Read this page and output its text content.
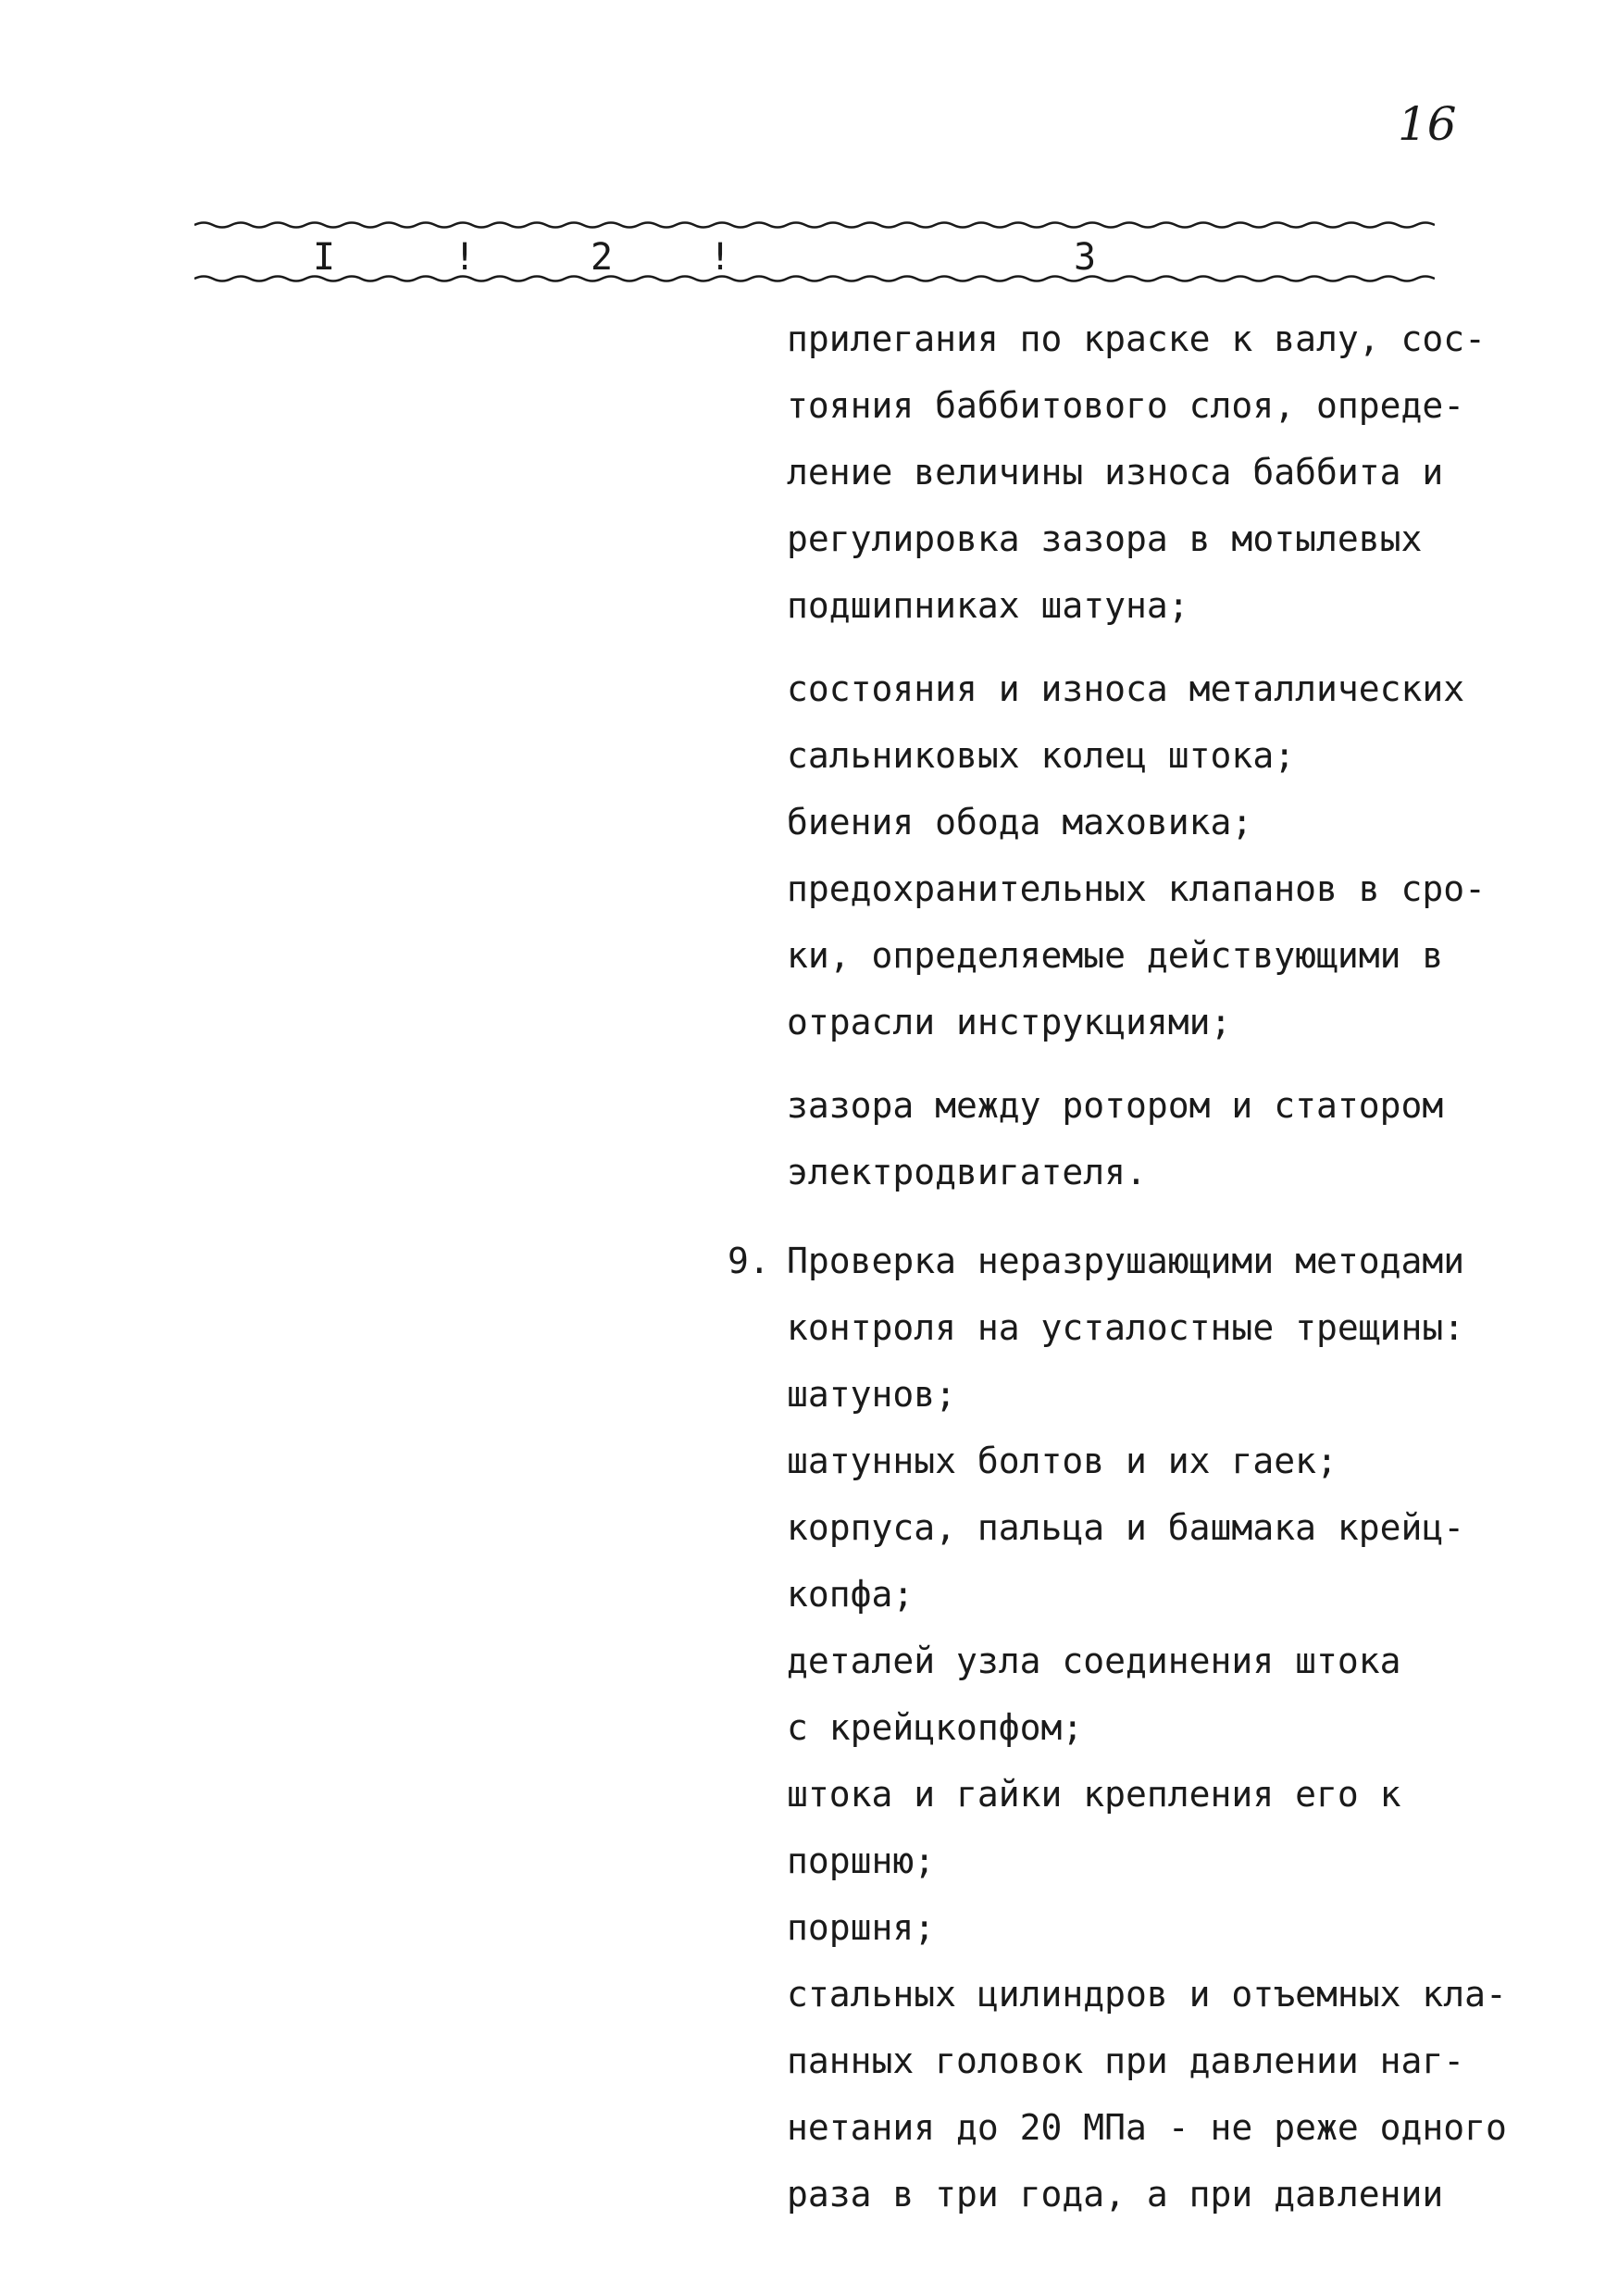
16
I	!	2	!	3
прилегания по краске к валу, сос-
тояния баббитового слоя, опреде-
ление величины износа баббита и
регулировка зазора в мотылевых
подшипниках шатуна;
состояния и износа металлических
сальниковых колец штока;
биения обода маховика;
предохранительных клапанов в сро-
ки, определяемые действующими в
отрасли инструкциями;
зазора между ротором и статором
электродвигателя.
9. Проверка неразрушающими методами
контроля на усталостные трещины:
шатунов;
шатунных болтов и их гаек;
корпуса, пальца и башмака крейц-
копфа;
деталей узла соединения штока
с крейцкопфом;
штока и гайки крепления его к
поршню;
поршня;
стальных цилиндров и отъемных кла-
панных головок при давлении наг-
нетания до 20 МПа - не реже одного
раза в три года, а при давлении
